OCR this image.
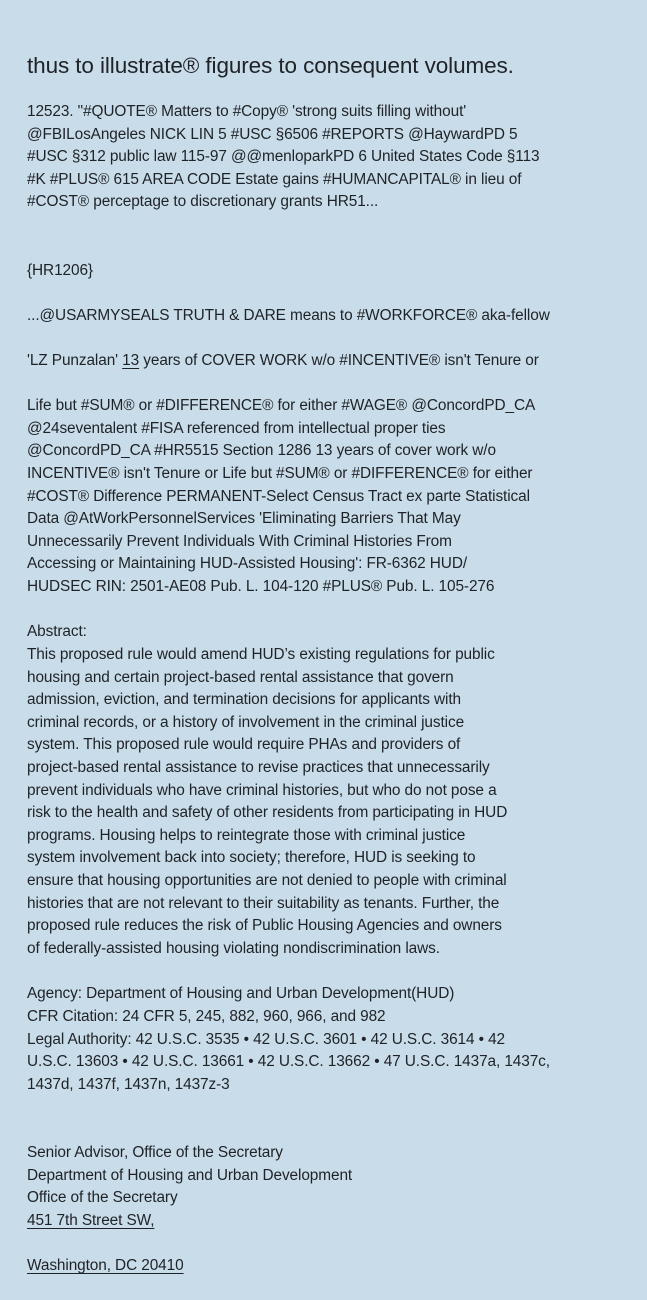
thus to illustrate® figures to consequent volumes.

12523. "#QUOTE® Matters to #Copy® 'strong suits filling without'
@FBILosAngeles NICK LIN 5 #USC §6506 #REPORTS @HaywardPD 5
#USC §312 public law 115-97 @@menloparkPD 6 United States Code §113
#K #PLUS® 615 AREA CODE Estate gains #HUMANCAPITAL® in lieu of
#COST® perceptage to discretionary grants HR51...

{HR1206}

...@USARMYSEALS TRUTH & DARE means to #WORKFORCE® aka-fellow

'LZ Punzalan' 13 years of COVER WORK w/o #INCENTIVE® isn't Tenure or

Life but #SUM® or #DIFFERENCE® for either #WAGE® @ConcordPD_CA
@24seventalent #FISA referenced from intellectual proper ties
@ConcordPD_CA #HR5515 Section 1286 13 years of cover work w/o
INCENTIVE® isn't Tenure or Life but #SUM® or #DIFFERENCE® for either
#COST® Difference PERMANENT-Select Census Tract ex parte Statistical
Data @AtWorkPersonnelServices 'Eliminating Barriers That May
Unnecessarily Prevent Individuals With Criminal Histories From
Accessing or Maintaining HUD-Assisted Housing': FR-6362 HUD/
HUDSEC RIN: 2501-AE08 Pub. L. 104-120 #PLUS® Pub. L. 105-276

Abstract:
This proposed rule would amend HUD’s existing regulations for public
housing and certain project-based rental assistance that govern
admission, eviction, and termination decisions for applicants with
criminal records, or a history of involvement in the criminal justice
system. This proposed rule would require PHAs and providers of
project-based rental assistance to revise practices that unnecessarily
prevent individuals who have criminal histories, but who do not pose a
risk to the health and safety of other residents from participating in HUD
programs. Housing helps to reintegrate those with criminal justice
system involvement back into society; therefore, HUD is seeking to
ensure that housing opportunities are not denied to people with criminal
histories that are not relevant to their suitability as tenants. Further, the
proposed rule reduces the risk of Public Housing Agencies and owners
of federally-assisted housing violating nondiscrimination laws.

Agency: Department of Housing and Urban Development(HUD)
CFR Citation: 24 CFR 5, 245, 882, 960, 966, and 982
Legal Authority: 42 U.S.C. 3535 • 42 U.S.C. 3601 • 42 U.S.C. 3614 • 42
U.S.C. 13603 • 42 U.S.C. 13661 • 42 U.S.C. 13662 • 47 U.S.C. 1437a, 1437c,
1437d, 1437f, 1437n, 1437z-3

Senior Advisor, Office of the Secretary
Department of Housing and Urban Development
Office of the Secretary

451 7th Street SW,

Washington, DC 20410
